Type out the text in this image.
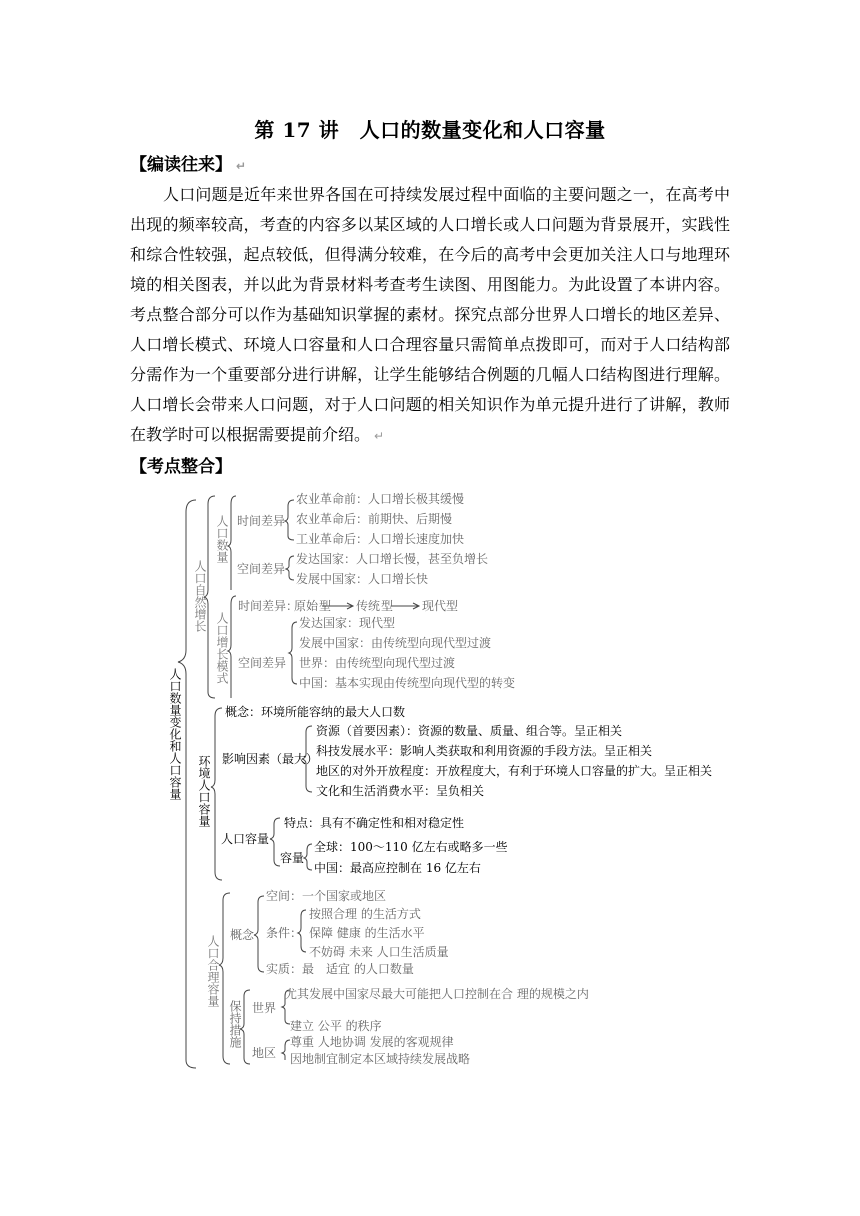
第 17 讲　人口的数量变化和人口容量
【编读往来】 ↵
人口问题是近年来世界各国在可持续发展过程中面临的主要问题之一，在高考中出现的频率较高，考查的内容多以某区域的人口增长或人口问题为背景展开，实践性和综合性较强，起点较低，但得满分较难，在今后的高考中会更加关注人口与地理环境的相关图表，并以此为背景材料考查考生读图、用图能力。为此设置了本讲内容。考点整合部分可以作为基础知识掌握的素材。探究点部分世界人口增长的地区差异、人口增长模式、环境人口容量和人口合理容量只需简单点拨即可，而对于人口结构部分需作为一个重要部分进行讲解，让学生能够结合例题的几幅人口结构图进行理解。人口增长会带来人口问题，对于人口问题的相关知识作为单元提升进行了讲解，教师在教学时可以根据需要提前介绍。 ↵
【考点整合】
人口数量变化和人口容量
人口自然增长
人口数量 时间差异
农业革命前：人口增长极其缓慢
农业革命后：前期快、后期慢
工业革命后：人口增长速度加快
空间差异
发达国家：人口增长慢，甚至负增长
发展中国家：人口增长快
人口增长模式
时间差异：
原始 型 传统 型 现代 型
空间差异
发达国家：现代型
发展中国家：由传统型向现代型过渡
世界：由传统型向现代型过渡
中国：基本实现由传统型向现代型的转变
环境人口容量
概念：环境所能容纳的最大人口数
影响因素（最大）
资源（首要因素）：资源的数量、质量、组合等。呈正相关
科技发展水平：影响人类获取和利用资源的手段方法。呈正相关
地区的对外开放程度：开放程度大，有利于环境人口容量的扩大。呈正相关
文化和生活消费水平：呈负相关
人口容量
特点：具有不确定性和相对稳定性
容量
全球：100～110 亿左右或略多一些
中国：最高应控制在 16 亿左右
人口合理容量 概念
空间：一个国家或地区
条件：
按照合理 的生活方式
保障 健康 的生活水平
不妨碍 未来 人口生活质量
实质：最　适宜 的人口数量
保持措施 世界
尤其发展中国家尽最大可能把人口控制在合 理的规模之内
建立 公平 的秩序
地区
尊重 人地协调 发展的客观规律
因地制宜制定本区域持续发展战略
